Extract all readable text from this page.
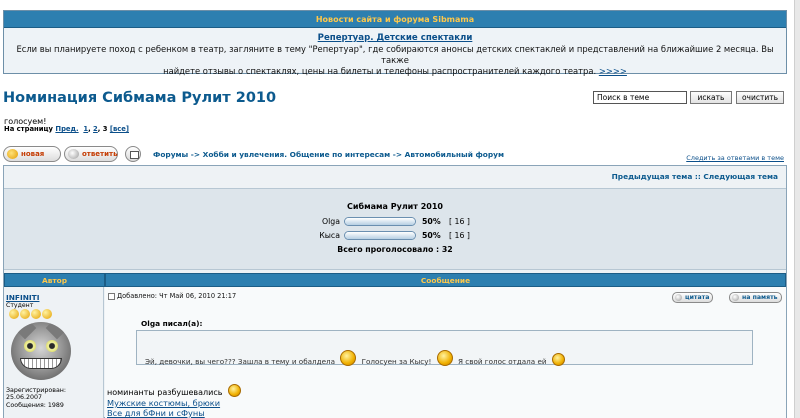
Новости сайта и форума Sibmama
Репертуар. Детские спектакли
Если вы планируете поход с ребенком в театр, загляните в тему "Репертуар", где собираются анонсы детских спектаклей и представлений на ближайшие 2 месяца. Вы также
найдете отзывы о спектаклях, цены на билеты и телефоны распространителей каждого театра. >>>>
Номинация Сибмама Рулит 2010	Поиск в теме	искать	очистить
голосуем!
На страницу Пред. 1, 2, 3 [все]
новая	ответить	Форумы -> Хобби и увлечения. Общение по интересам -> Автомобильный форум	Следить за ответами в теме
Предыдущая тема :: Следующая тема
Сибмама Рулит 2010
Olga	50% [ 16 ]
Кыса	50% [ 16 ]
Всего проголосовало : 32
Автор	Сообщение
INFINITI
Студент
Зарегистрирован:
25.06.2007
Сообщения: 1989
Добавлено: Чт Май 06, 2010 21:17	цитата	на память
Olga писал(а):
Эй, девочки, вы чего??? Зашла в тему и обалдела	Голосуен за Кысу!	Я свой голос отдала ей
номинанты разбушевались
Мужские костюмы, брюки
Все для бФни и сФуны
